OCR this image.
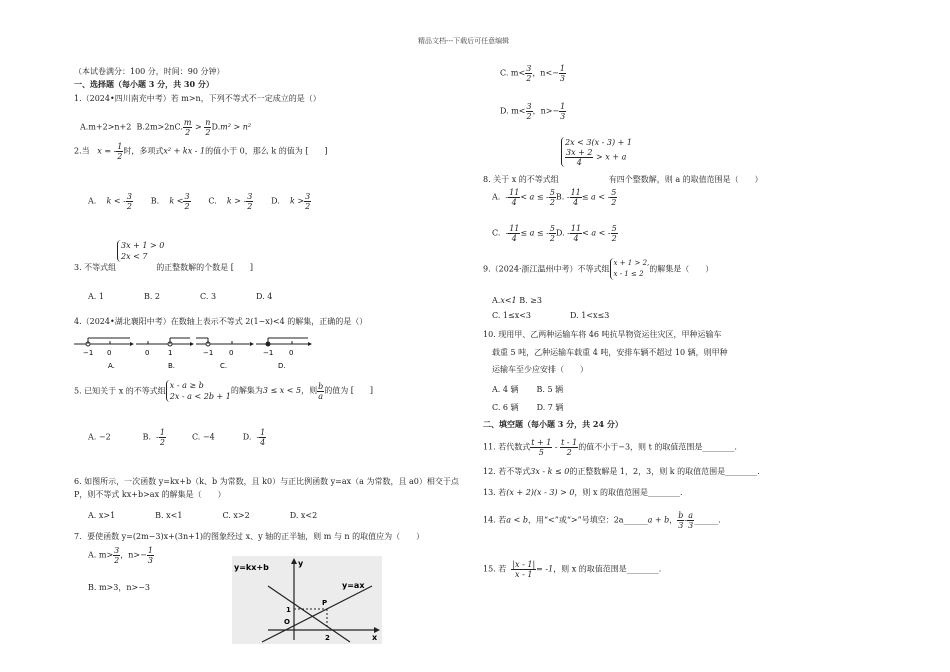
精品文档---下载后可任意编辑
（本试卷满分：100 分，时间：90 分钟）
一、选择题（每小题 3 分，共 30 分）
1.（2024•四川南充中考）若 m>n，下列不等式不一定成立的是（）
A.m+2>n+2 B.2m>2nC. $\frac{m}{2} > \frac{n}{2} D.m^2 > n^2$
2.当 x = - $\frac{1}{2}$ 时，多项式x² + kx - 1的值小于 0，那么 k 的值为 [　　]
A. k < - $\frac{3}{2} B$. $k < \frac{3}{2} C$. k > - $\frac{3}{2} D$. $k > \frac{3}{2}$
3x + 1 > 0
2x < 7
3. 不等式组	的正整数解的个数是 [　　]
A. 1	B. 2	C. 3	D. 4
4.（2024•湖北襄阳中考）在数轴上表示不等式 2(1−x)<4 的解集，正确的是（）
−1 0	0	1	−1 0	−1 0
A.	B.	C.	D.
5. 已知关于 x 的不等式组
x - a ≥ b
2x - a < 2b + 1
的解集为3 ≤ x < 5，则 $\frac{b}{a}$ 的值为 [　　]
A. −2	B. - $\frac{1}{2}$	C. −4	D. - $\frac{1}{4}$
6. 如图所示，一次函数 y=kx+b（k、b 为常数，且 k0）与正比例函数 y=ax（a 为常数，且 a0）相交于点
P，则不等式 kx+b>ax 的解集是（　　）
A. x>1	B. x<1	C. x>2	D. x<2
7．要使函数 y=(2m−3)x+(3n+1)的图象经过 x、y 轴的正半轴，则 m 与 n 的取值应为（　　）
A. $m> \frac{3}{2}$ ，$n>- \frac{1}{3}$
B. m>3，n>−3
y=kx+b
y=ax
y
x
O
P
1
2
C. $m< \frac{3}{2}$ ，$n<- \frac{1}{3}$
D. $m< \frac{3}{2}$ ，$n>- \frac{1}{3}$
2x < 3(x - 3) + 1
$\frac{3x + 2}{4} > x + a$
8. 关于 x 的不等式组	有四个整数解，则 a 的取值范围是（　　）
A. - $\frac{11}{4} < a$ ≤ - $\frac{5}{2} B$. - $\frac{11}{4} \le a$ < - $\frac{5}{2}$
C. - $\frac{11}{4} \le a$ ≤ - $\frac{5}{2} D$. - $\frac{11}{4} < a$ < - $\frac{5}{2}$
9.（2024·浙江温州中考）不等式组
x + 1 > 2,
x - 1 ≤ 2
的解集是（　　）
A.x<1 B. ≥3
C. 1≤x<3	D. 1<x≤3
10. 现用甲、乙两种运输车将 46 吨抗旱物资运往灾区，甲种运输车
载重 5 吨，乙种运输车载重 4 吨，安排车辆不超过 10 辆，则甲种
运输车至少应安排（　　）
A. 4 辆 B. 5 辆
C. 6 辆 D. 7 辆
二、填空题（每小题 3 分，共 24 分）
11. 若代数式 $\frac{t + 1}{5} - \frac{t - 1}{2}$ 的值不小于−3，则 t 的取值范围是________.
12. 若不等式3x - k ≤ 0的正整数解是 1，2，3，则 k 的取值范围是________.
13. 若(x + 2)(x - 3) > 0，则 x 的取值范围是________.
14. 若a < b，用“<”或“>”号填空：2a______a + b， $\frac{b}{3} - \frac{a}{3}$ ______.
15. 若 $\frac{|x - 1|}{x - 1} = -1$，则 x 的取值范围是________.
